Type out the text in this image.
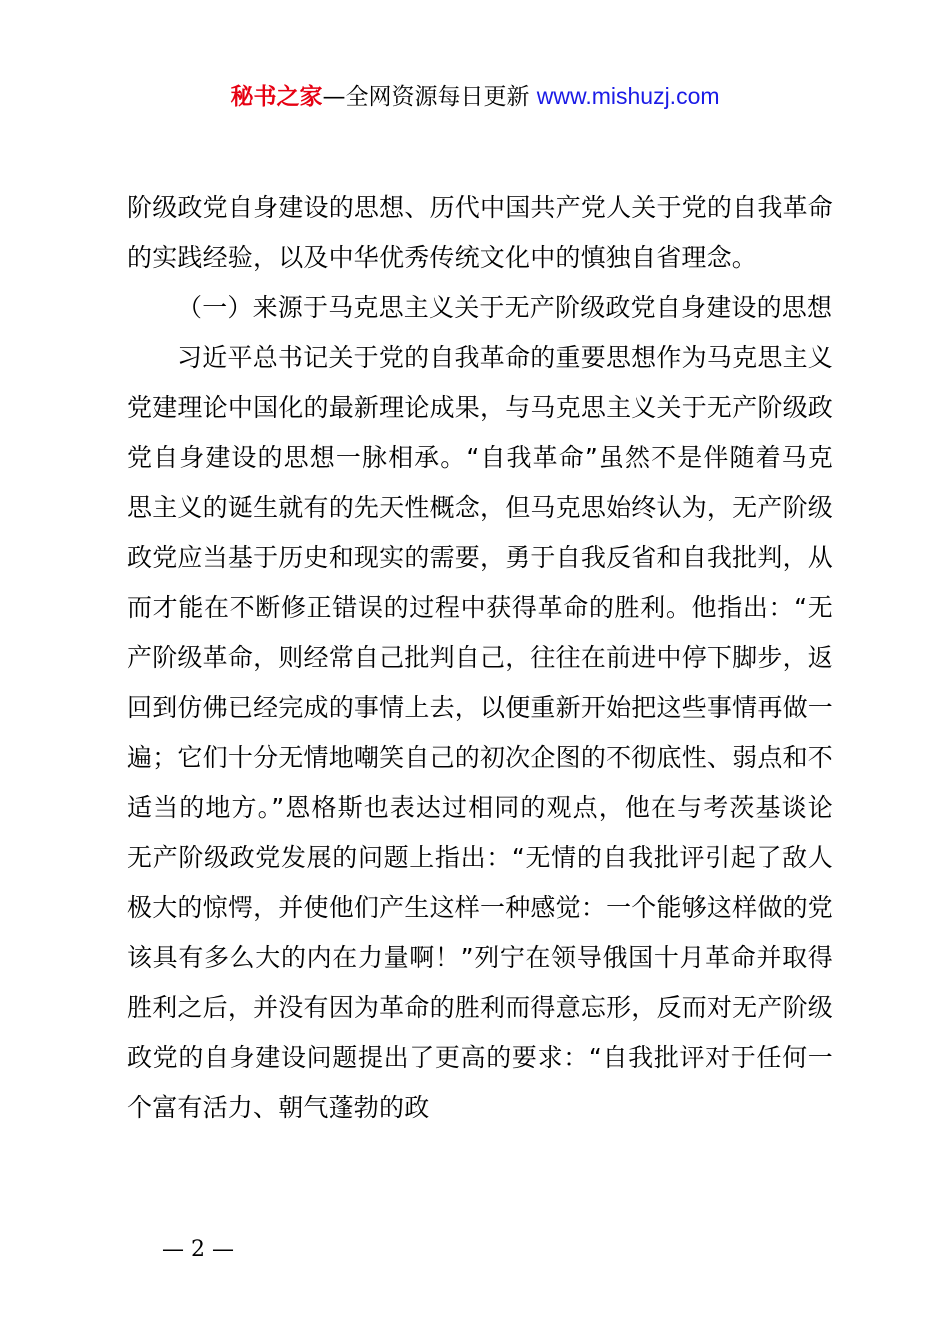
秘书之家—全网资源每日更新 www.mishuzj.com

阶级政党自身建设的思想、历代中国共产党人关于党的自我革命的实践经验，以及中华优秀传统文化中的慎独自省理念。

（一）来源于马克思主义关于无产阶级政党自身建设的思想

习近平总书记关于党的自我革命的重要思想作为马克思主义党建理论中国化的最新理论成果，与马克思主义关于无产阶级政党自身建设的思想一脉相承。“自我革命”虽然不是伴随着马克思主义的诞生就有的先天性概念，但马克思始终认为，无产阶级政党应当基于历史和现实的需要，勇于自我反省和自我批判，从而才能在不断修正错误的过程中获得革命的胜利。他指出：“无产阶级革命，则经常自己批判自己，往往在前进中停下脚步，返回到仿佛已经完成的事情上去，以便重新开始把这些事情再做一遍；它们十分无情地嘲笑自己的初次企图的不彻底性、弱点和不适当的地方。”恩格斯也表达过相同的观点，他在与考茨基谈论无产阶级政党发展的问题上指出：“无情的自我批评引起了敌人极大的惊愕，并使他们产生这样一种感觉：一个能够这样做的党该具有多么大的内在力量啊！”列宁在领导俄国十月革命并取得胜利之后，并没有因为革命的胜利而得意忘形，反而对无产阶级政党的自身建设问题提出了更高的要求：“自我批评对于任何一个富有活力、朝气蓬勃的政

— 2 —
